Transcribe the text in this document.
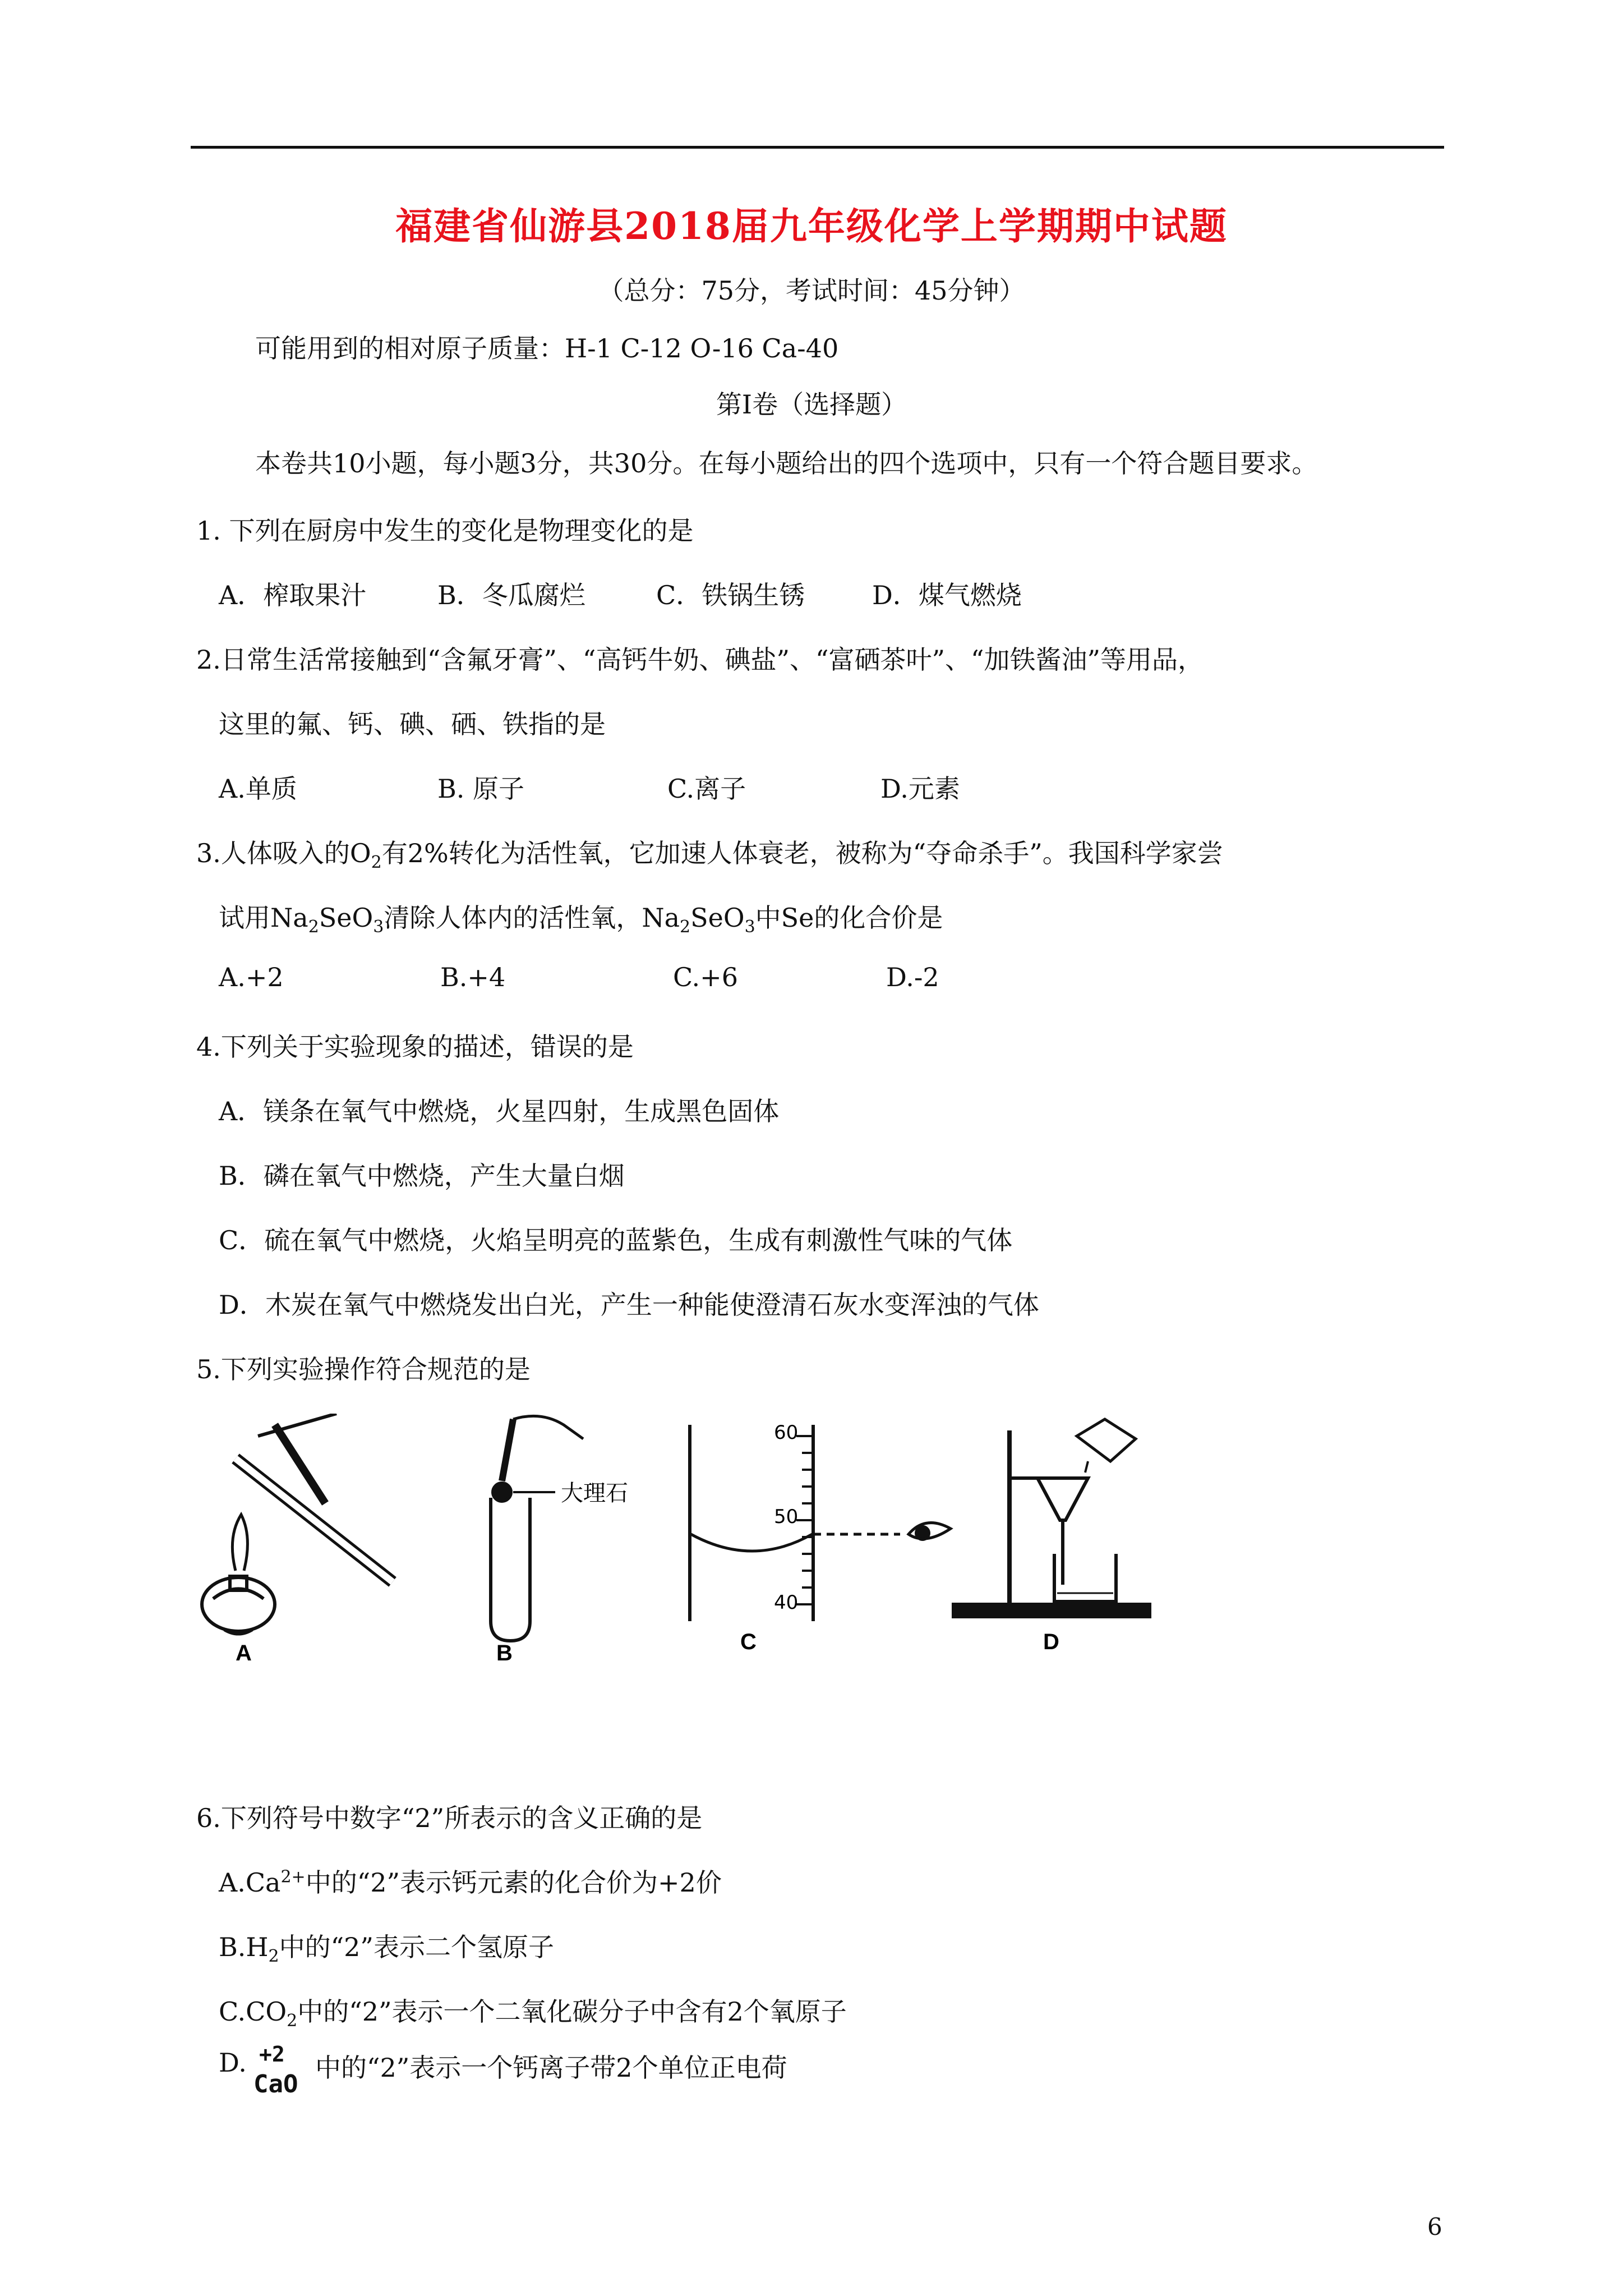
福建省仙游县2018届九年级化学上学期期中试题
（总分：75分，考试时间：45分钟）
可能用到的相对原子质量：H-1 C-12 O-16 Ca-40
第Ⅰ卷（选择题）
本卷共10小题，每小题3分，共30分。在每小题给出的四个选项中，只有一个符合题目要求。
1. 下列在厨房中发生的变化是物理变化的是
A．榨取果汁	B．冬瓜腐烂	C．铁锅生锈	D．煤气燃烧
2.日常生活常接触到“含氟牙膏”、“高钙牛奶、碘盐”、“富硒茶叶”、“加铁酱油”等用品，
这里的氟、钙、碘、硒、铁指的是
A.单质	B. 原子	C.离子	D.元素
3.人体吸入的$O_2$有2%转化为活性氧，它加速人体衰老，被称为“夺命杀手”。我国科学家尝
试用$Na_2SeO_3$清除人体内的活性氧，$Na_2SeO_3$中Se的化合价是
A.+2	B.+4	C.+6	D.-2
4.下列关于实验现象的描述，错误的是
A．镁条在氧气中燃烧，火星四射，生成黑色固体
B．磷在氧气中燃烧，产生大量白烟
C．硫在氧气中燃烧，火焰呈明亮的蓝紫色，生成有刺激性气味的气体
D．木炭在氧气中燃烧发出白光，产生一种能使澄清石灰水变浑浊的气体
5.下列实验操作符合规范的是
A
大理石
B
60
50
40
C	D
6.下列符号中数字“2”所表示的含义正确的是
$A.Ca^{2+}$中的“2”表示钙元素的化合价为+2价
$B.H_2$中的“2”表示二个氢原子
$C.CO_2$中的“2”表示一个二氧化碳分子中含有2个氧原子
D. +2
CaO
中的“2”表示一个钙离子带2个单位正电荷
6
